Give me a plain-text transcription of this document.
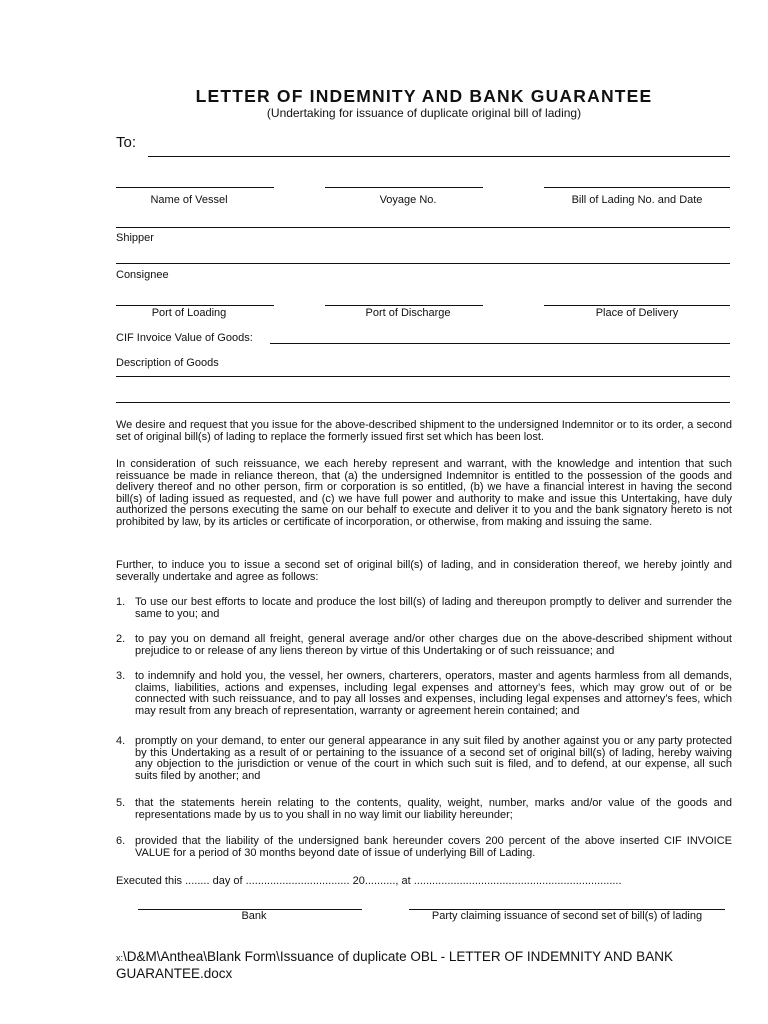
LETTER OF INDEMNITY AND BANK GUARANTEE
(Undertaking for issuance of duplicate original bill of lading)
To:
Name of Vessel	Voyage No.	Bill of Lading No. and Date
Shipper
Consignee
Port of Loading	Port of Discharge	Place of Delivery
CIF Invoice Value of Goods:
Description of Goods
We desire and request that you issue for the above-described shipment to the undersigned Indemnitor or to its order, a second set of original bill(s) of lading to replace the formerly issued first set which has been lost.
In consideration of such reissuance, we each hereby represent and warrant, with the knowledge and intention that such reissuance be made in reliance thereon, that (a) the undersigned Indemnitor is entitled to the possession of the goods and delivery thereof and no other person, firm or corporation is so entitled, (b) we have a financial interest in having the second bill(s) of lading issued as requested, and (c) we have full power and authority to make and issue this Untertaking, have duly authorized the persons executing the same on our behalf to execute and deliver it to you and the bank signatory hereto is not prohibited by law, by its articles or certificate of incorporation, or otherwise, from making and issuing the same.
Further, to induce you to issue a second set of original bill(s) of lading, and in consideration thereof, we hereby jointly and severally undertake and agree as follows:
1. To use our best efforts to locate and produce the lost bill(s) of lading and thereupon promptly to deliver and surrender the same to you; and
2. to pay you on demand all freight, general average and/or other charges due on the above-described shipment without prejudice to or release of any liens thereon by virtue of this Undertaking or of such reissuance; and
3. to indemnify and hold you, the vessel, her owners, charterers, operators, master and agents harmless from all demands, claims, liabilities, actions and expenses, including legal expenses and attorney’s fees, which may grow out of or be connected with such reissuance, and to pay all losses and expenses, including legal expenses and attorney’s fees, which may result from any breach of representation, warranty or agreement herein contained; and
4. promptly on your demand, to enter our general appearance in any suit filed by another against you or any party protected by this Undertaking as a result of or pertaining to the issuance of a second set of original bill(s) of lading, hereby waiving any objection to the jurisdiction or venue of the court in which such suit is filed, and to defend, at our expense, all such suits filed by another; and
5. that the statements herein relating to the contents, quality, weight, number, marks and/or value of the goods and representations made by us to you shall in no way limit our liability hereunder;
6. provided that the liability of the undersigned bank hereunder covers 200 percent of the above inserted CIF INVOICE VALUE for a period of 30 months beyond date of issue of underlying Bill of Lading.
Executed this ........ day of .................................. 20.........., at ....................................................................
Bank	Party claiming issuance of second set of bill(s) of lading
x:\D&M\Anthea\Blank Form\Issuance of duplicate OBL - LETTER OF INDEMNITY AND BANK GUARANTEE.docx
